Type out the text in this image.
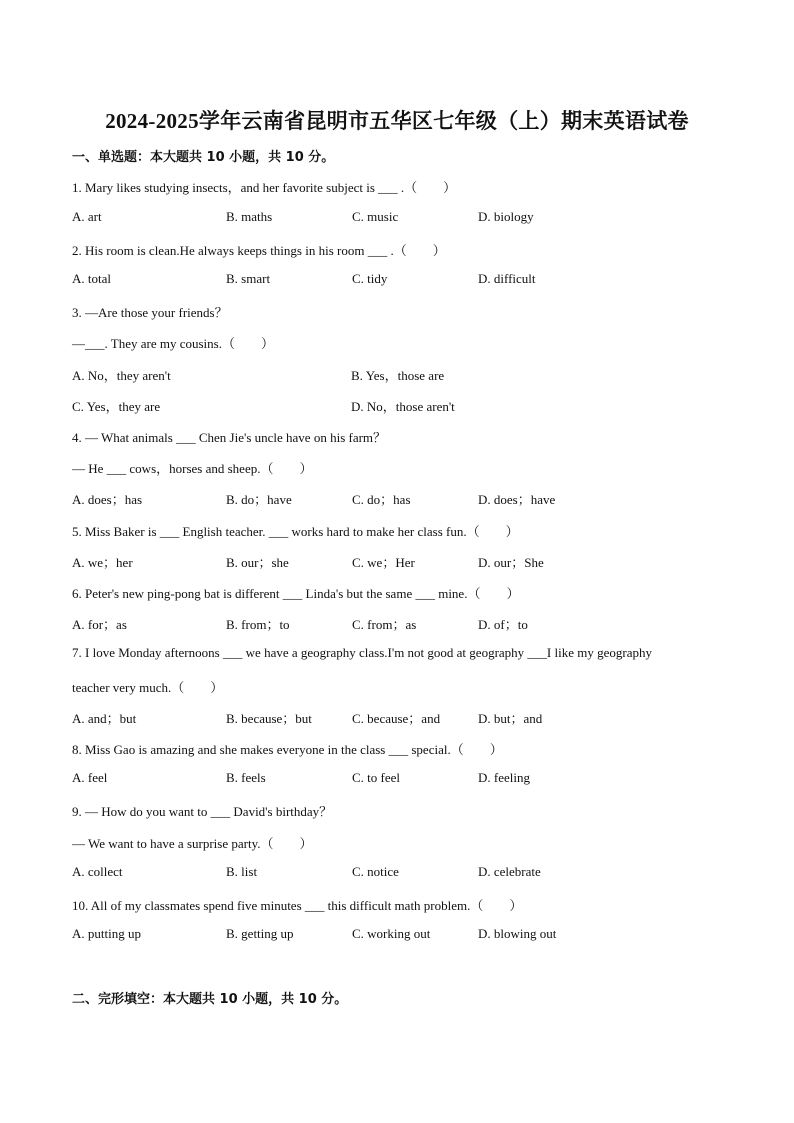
2024-2025学年云南省昆明市五华区七年级（上）期末英语试卷
一、单选题：本大题共 10 小题，共 10 分。
1. Mary likes studying insects，and her favorite subject is ___ .（　　）
A. art	B. maths	C. music	D. biology
2. His room is clean.He always keeps things in his room ___ .（　　）
A. total	B. smart	C. tidy	D. difficult
3. —Are those your friends？
—___. They are my cousins.（　　）
A. No，they aren't	B. Yes，those are
C. Yes，they are	D. No，those aren't
4. — What animals ___ Chen Jie's uncle have on his farm？
— He ___ cows，horses and sheep.（　　）
A. does；has	B. do；have	C. do；has	D. does；have
5. Miss Baker is ___ English teacher. ___ works hard to make her class fun.（　　）
A. we；her	B. our；she	C. we；Her	D. our；She
6. Peter's new ping-pong bat is different ___ Linda's but the same ___ mine.（　　）
A. for；as	B. from；to	C. from；as	D. of；to
7. I love Monday afternoons ___ we have a geography class.I'm not good at geography ___I like my geography
teacher very much.（　　）
A. and；but	B. because；but	C. because；and	D. but；and
8. Miss Gao is amazing and she makes everyone in the class ___ special.（　　）
A. feel	B. feels	C. to feel	D. feeling
9. — How do you want to ___ David's birthday？
— We want to have a surprise party.（　　）
A. collect	B. list	C. notice	D. celebrate
10. All of my classmates spend five minutes ___ this difficult math problem.（　　）
A. putting up	B. getting up	C. working out	D. blowing out
二、完形填空：本大题共 10 小题，共 10 分。
